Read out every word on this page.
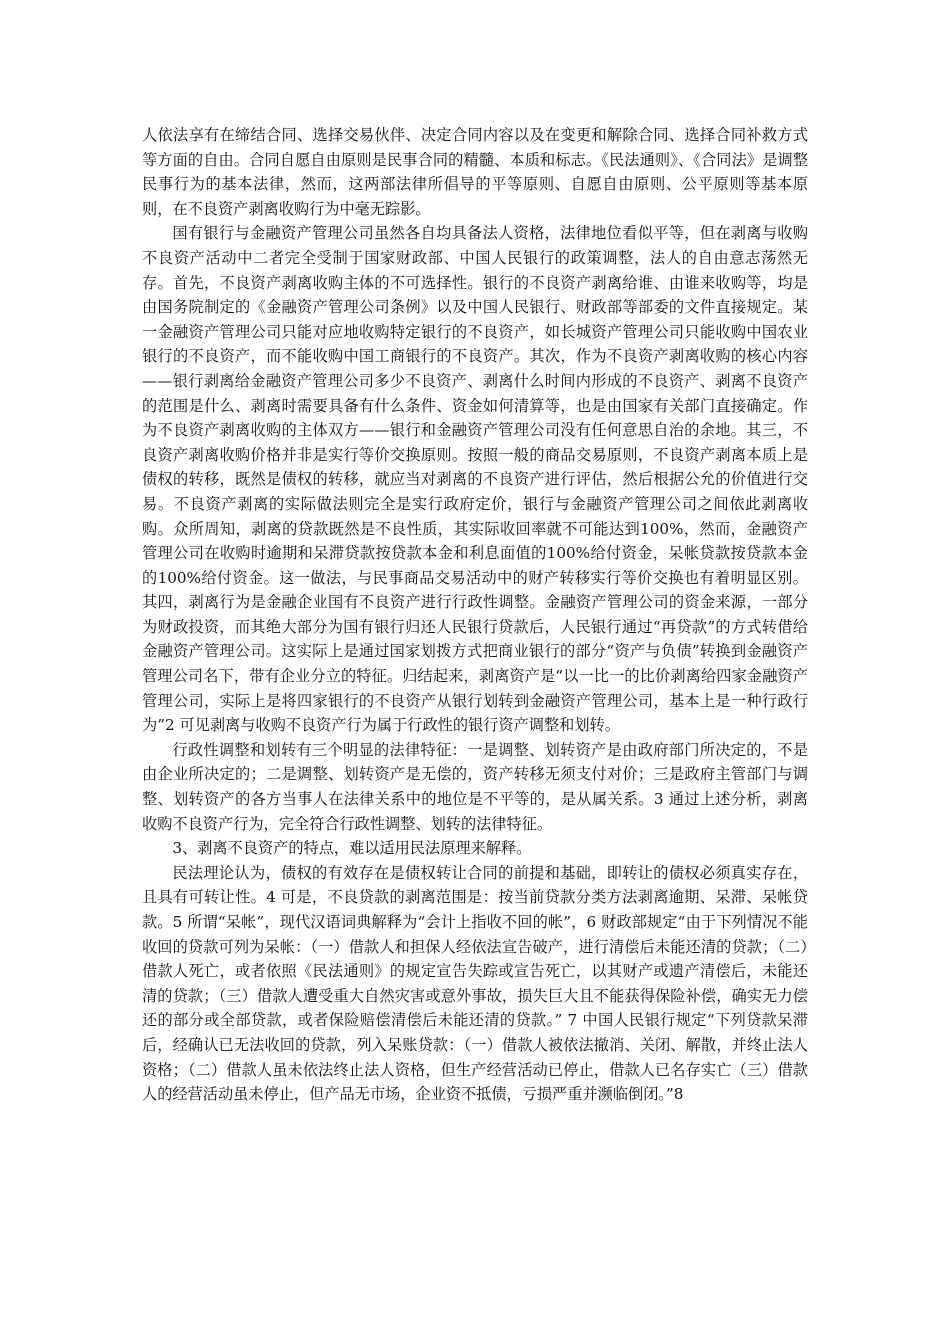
人依法享有在缔结合同、选择交易伙伴、决定合同内容以及在变更和解除合同、选择合同补救方式等方面的自由。合同自愿自由原则是民事合同的精髓、本质和标志。《民法通则》、《合同法》是调整民事行为的基本法律，然而，这两部法律所倡导的平等原则、自愿自由原则、公平原则等基本原则，在不良资产剥离收购行为中毫无踪影。

国有银行与金融资产管理公司虽然各自均具备法人资格，法律地位看似平等，但在剥离与收购不良资产活动中二者完全受制于国家财政部、中国人民银行的政策调整，法人的自由意志荡然无存。首先，不良资产剥离收购主体的不可选择性。银行的不良资产剥离给谁、由谁来收购等，均是由国务院制定的《金融资产管理公司条例》以及中国人民银行、财政部等部委的文件直接规定。某一金融资产管理公司只能对应地收购特定银行的不良资产，如长城资产管理公司只能收购中国农业银行的不良资产，而不能收购中国工商银行的不良资产。其次，作为不良资产剥离收购的核心内容——银行剥离给金融资产管理公司多少不良资产、剥离什么时间内形成的不良资产、剥离不良资产的范围是什么、剥离时需要具备有什么条件、资金如何清算等，也是由国家有关部门直接确定。作为不良资产剥离收购的主体双方——银行和金融资产管理公司没有任何意思自治的余地。其三，不良资产剥离收购价格并非是实行等价交换原则。按照一般的商品交易原则，不良资产剥离本质上是债权的转移，既然是债权的转移，就应当对剥离的不良资产进行评估，然后根据公允的价值进行交易。不良资产剥离的实际做法则完全是实行政府定价，银行与金融资产管理公司之间依此剥离收购。众所周知，剥离的贷款既然是不良性质，其实际收回率就不可能达到100%，然而，金融资产管理公司在收购时逾期和呆滞贷款按贷款本金和利息面值的100%给付资金，呆帐贷款按贷款本金的100%给付资金。这一做法，与民事商品交易活动中的财产转移实行等价交换也有着明显区别。其四，剥离行为是金融企业国有不良资产进行行政性调整。金融资产管理公司的资金来源，一部分为财政投资，而其绝大部分为国有银行归还人民银行贷款后，人民银行通过“再贷款”的方式转借给金融资产管理公司。这实际上是通过国家划拨方式把商业银行的部分“资产与负债”转换到金融资产管理公司名下，带有企业分立的特征。归结起来，剥离资产是“以一比一的比价剥离给四家金融资产管理公司，实际上是将四家银行的不良资产从银行划转到金融资产管理公司，基本上是一种行政行为”2 可见剥离与收购不良资产行为属于行政性的银行资产调整和划转。

行政性调整和划转有三个明显的法律特征：一是调整、划转资产是由政府部门所决定的，不是由企业所决定的；二是调整、划转资产是无偿的，资产转移无须支付对价；三是政府主管部门与调整、划转资产的各方当事人在法律关系中的地位是不平等的，是从属关系。3 通过上述分析，剥离收购不良资产行为，完全符合行政性调整、划转的法律特征。

3、剥离不良资产的特点，难以适用民法原理来解释。

民法理论认为，债权的有效存在是债权转让合同的前提和基础，即转让的债权必须真实存在，且具有可转让性。4 可是，不良贷款的剥离范围是：按当前贷款分类方法剥离逾期、呆滞、呆帐贷款。5 所谓“呆帐”，现代汉语词典解释为“会计上指收不回的帐”，6 财政部规定“由于下列情况不能收回的贷款可列为呆帐：（一）借款人和担保人经依法宣告破产，进行清偿后未能还清的贷款；（二）借款人死亡，或者依照《民法通则》的规定宣告失踪或宣告死亡，以其财产或遗产清偿后，未能还清的贷款；（三）借款人遭受重大自然灾害或意外事故，损失巨大且不能获得保险补偿，确实无力偿还的部分或全部贷款，或者保险赔偿清偿后未能还清的贷款。” 7 中国人民银行规定“下列贷款呆滞后，经确认已无法收回的贷款，列入呆账贷款：（一）借款人被依法撤消、关闭、解散，并终止法人资格；（二）借款人虽未依法终止法人资格，但生产经营活动已停止，借款人已名存实亡（三）借款人的经营活动虽未停止，但产品无市场，企业资不抵债，亏损严重并濒临倒闭。”8
